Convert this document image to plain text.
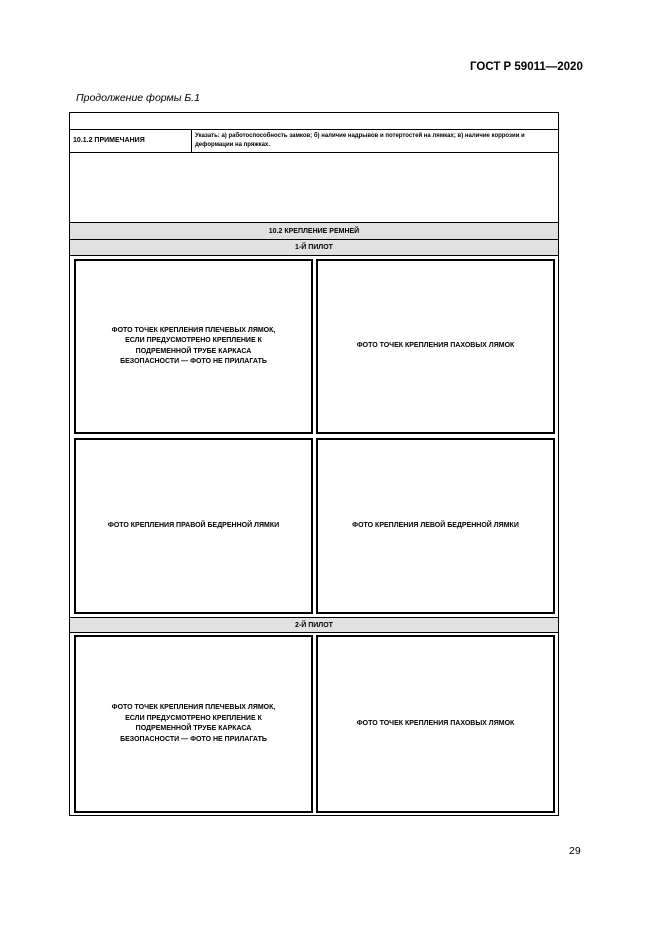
ГОСТ Р 59011—2020
Продолжение формы Б.1
10.1.2 ПРИМЕЧАНИЯ
Указать: а) работоспособность замков; б) наличие надрывов и потертостей на лямках; в) наличие коррозии и деформации на пряжках.
10.2 КРЕПЛЕНИЕ РЕМНЕЙ
1-Й ПИЛОТ
ФОТО ТОЧЕК КРЕПЛЕНИЯ ПЛЕЧЕВЫХ ЛЯМОК, ЕСЛИ ПРЕДУСМОТРЕНО КРЕПЛЕНИЕ К ПОДРЕМЕННОЙ ТРУБЕ КАРКАСА БЕЗОПАСНОСТИ — ФОТО НЕ ПРИЛАГАТЬ
ФОТО ТОЧЕК КРЕПЛЕНИЯ ПАХОВЫХ ЛЯМОК
ФОТО КРЕПЛЕНИЯ ПРАВОЙ БЕДРЕННОЙ ЛЯМКИ	ФОТО КРЕПЛЕНИЯ ЛЕВОЙ БЕДРЕННОЙ ЛЯМКИ
2-Й ПИЛОТ
ФОТО ТОЧЕК КРЕПЛЕНИЯ ПЛЕЧЕВЫХ ЛЯМОК, ЕСЛИ ПРЕДУСМОТРЕНО КРЕПЛЕНИЕ К ПОДРЕМЕННОЙ ТРУБЕ КАРКАСА БЕЗОПАСНОСТИ — ФОТО НЕ ПРИЛАГАТЬ
ФОТО ТОЧЕК КРЕПЛЕНИЯ ПАХОВЫХ ЛЯМОК
29
